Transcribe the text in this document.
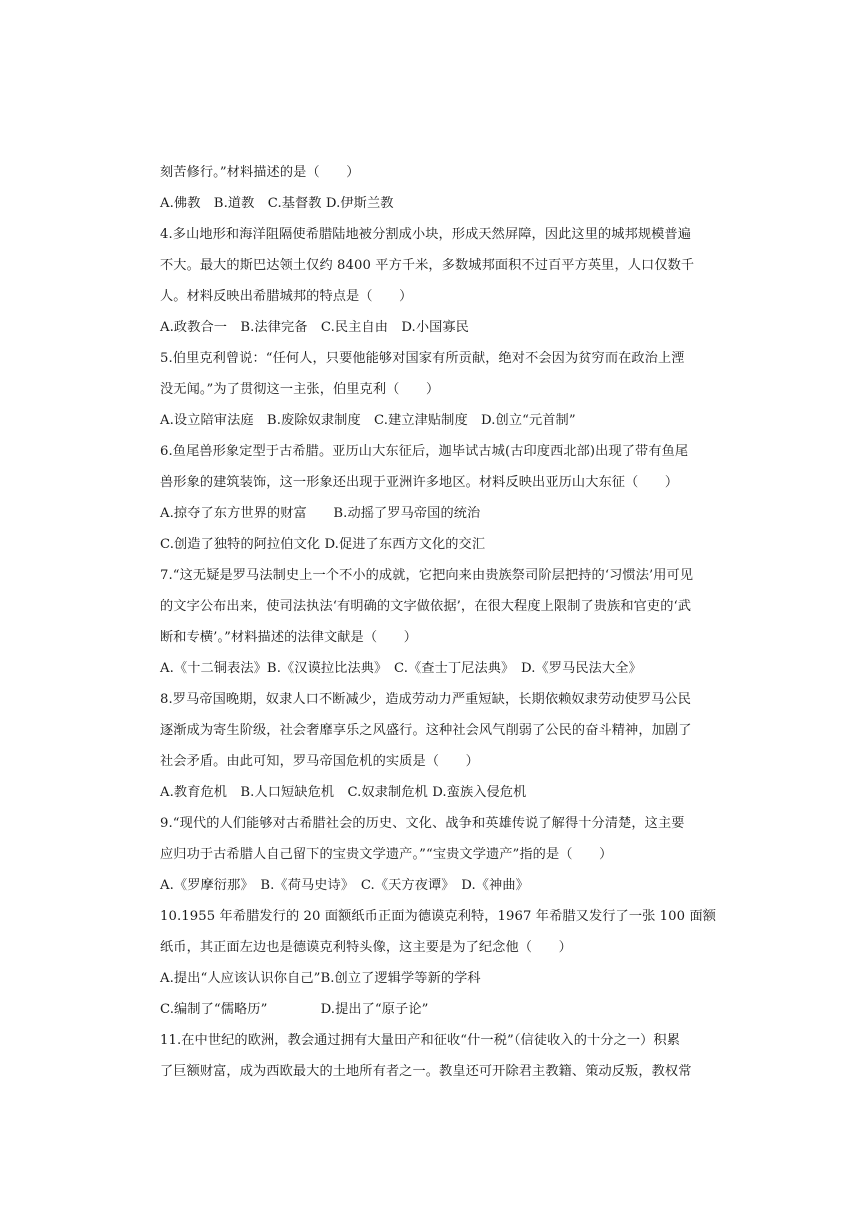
刻苦修行。”材料描述的是（　　）
A.佛教　B.道教　C.基督教 D.伊斯兰教
4.多山地形和海洋阻隔使希腊陆地被分割成小块，形成天然屏障，因此这里的城邦规模普遍
不大。最大的斯巴达领土仅约 8400 平方千米，多数城邦面积不过百平方英里，人口仅数千
人。材料反映出希腊城邦的特点是（　　）
A.政教合一　B.法律完备　C.民主自由　D.小国寡民
5.伯里克利曾说：“任何人，只要他能够对国家有所贡献，绝对不会因为贫穷而在政治上湮
没无闻。”为了贯彻这一主张，伯里克利（　　）
A.设立陪审法庭　B.废除奴隶制度　C.建立津贴制度　D.创立“元首制”
6.鱼尾兽形象定型于古希腊。亚历山大东征后，迦毕试古城(古印度西北部)出现了带有鱼尾
兽形象的建筑装饰，这一形象还出现于亚洲许多地区。材料反映出亚历山大东征（　　）
A.掠夺了东方世界的财富　　B.动摇了罗马帝国的统治
C.创造了独特的阿拉伯文化 D.促进了东西方文化的交汇
7.“这无疑是罗马法制史上一个不小的成就，它把向来由贵族祭司阶层把持的‘习惯法’用可见
的文字公布出来，使司法执法‘有明确的文字做依据’，在很大程度上限制了贵族和官吏的‘武
断和专横’。”材料描述的法律文献是（　　）
A.《十二铜表法》B.《汉谟拉比法典》　C.《查士丁尼法典》　D.《罗马民法大全》
8.罗马帝国晚期，奴隶人口不断减少，造成劳动力严重短缺，长期依赖奴隶劳动使罗马公民
逐渐成为寄生阶级，社会奢靡享乐之风盛行。这种社会风气削弱了公民的奋斗精神，加剧了
社会矛盾。由此可知，罗马帝国危机的实质是（　　）
A.教育危机　B.人口短缺危机　C.奴隶制危机 D.蛮族入侵危机
9.“现代的人们能够对古希腊社会的历史、文化、战争和英雄传说了解得十分清楚，这主要
应归功于古希腊人自己留下的宝贵文学遗产。”“宝贵文学遗产”指的是（　　）
A.《罗摩衍那》　B.《荷马史诗》　C.《天方夜谭》　D.《神曲》
10.1955 年希腊发行的 20 面额纸币正面为德谟克利特，1967 年希腊又发行了一张 100 面额
纸币，其正面左边也是德谟克利特头像，这主要是为了纪念他（　　）
A.提出“人应该认识你自己”B.创立了逻辑学等新的学科
C.编制了“儒略历”　　　　D.提出了“原子论”
11.在中世纪的欧洲，教会通过拥有大量田产和征收“什一税”（信徒收入的十分之一）积累
了巨额财富，成为西欧最大的土地所有者之一。教皇还可开除君主教籍、策动反叛，教权常
